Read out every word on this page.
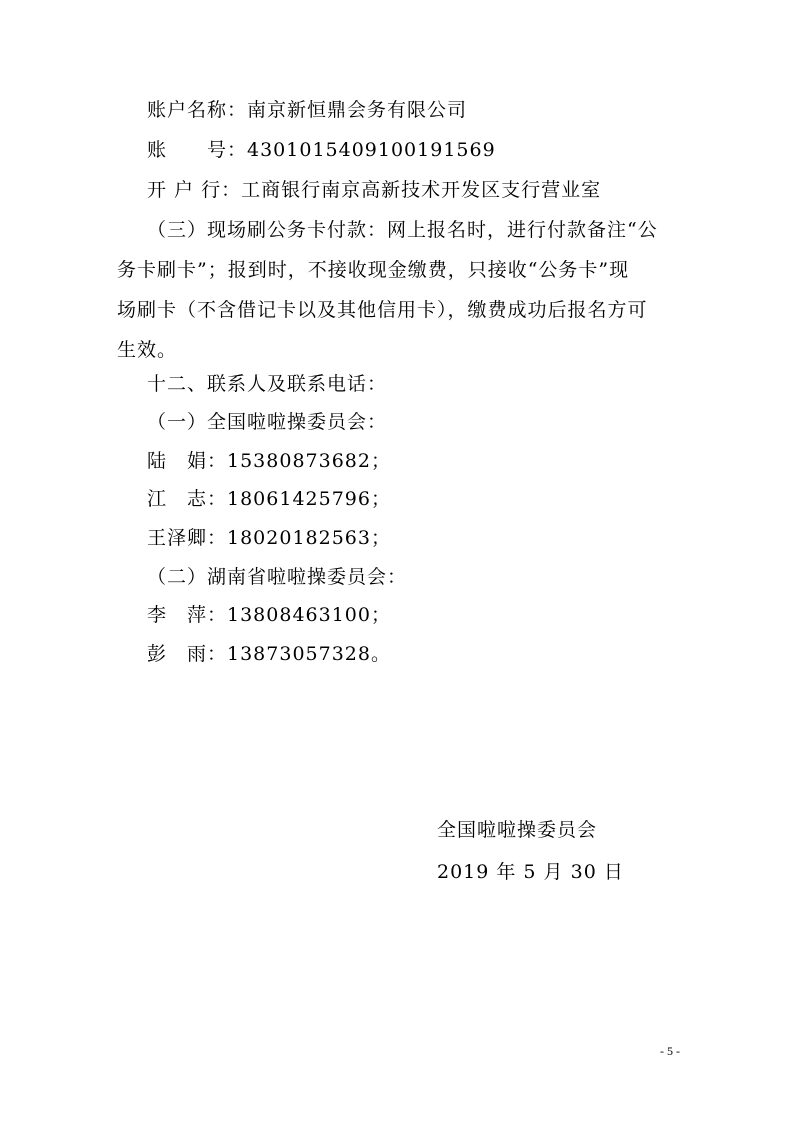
账户名称：南京新恒鼎会务有限公司
账　　号：4301015409100191569
开 户 行：工商银行南京高新技术开发区支行营业室
（三）现场刷公务卡付款：网上报名时，进行付款备注“公
务卡刷卡”；报到时，不接收现金缴费，只接收“公务卡”现
场刷卡（不含借记卡以及其他信用卡），缴费成功后报名方可
生效。
十二、联系人及联系电话：
（一）全国啦啦操委员会：
陆　娟：15380873682；
江　志：18061425796；
王泽卿：18020182563；
（二）湖南省啦啦操委员会：
李　萍：13808463100；
彭　雨：13873057328。
全国啦啦操委员会
2019 年 5 月 30 日
- 5 -
